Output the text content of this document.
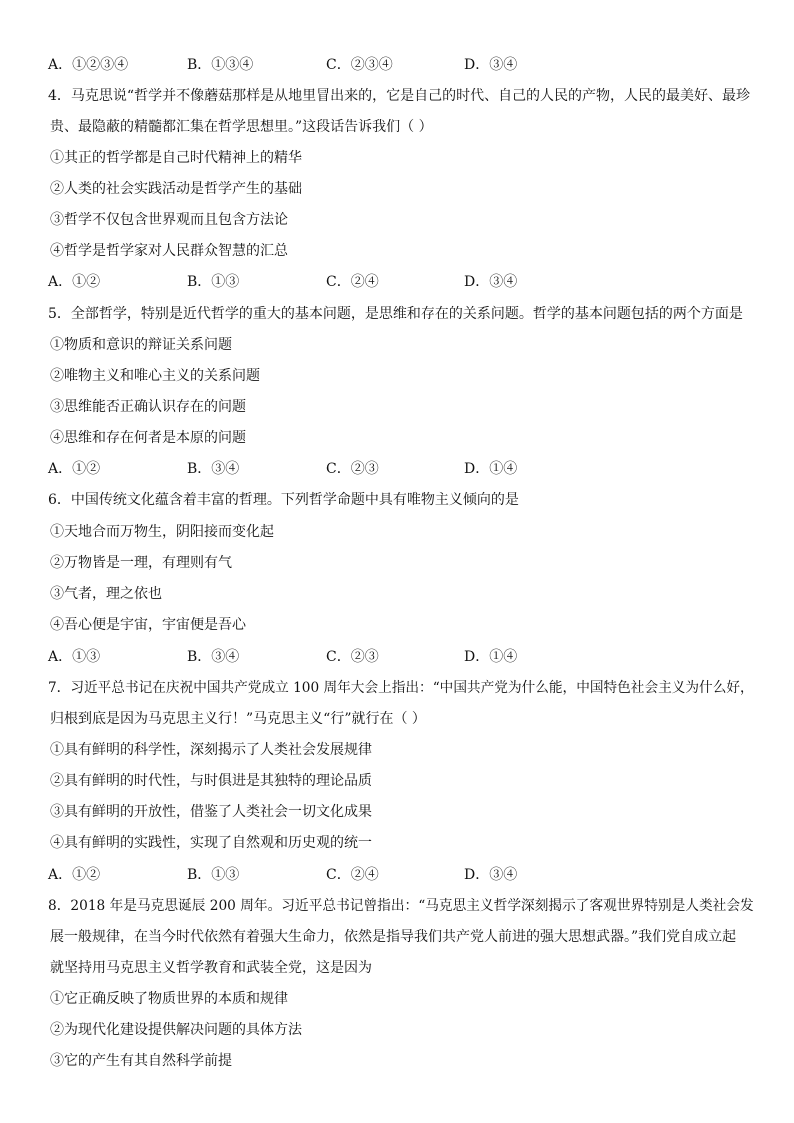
A．①②③④	B．①③④	C．②③④	D．③④
4．马克思说“哲学并不像蘑菇那样是从地里冒出来的，它是自己的时代、自己的人民的产物，人民的最美好、最珍
贵、最隐蔽的精髓都汇集在哲学思想里。”这段话告诉我们（ ）
①其正的哲学都是自己时代精神上的精华
②人类的社会实践活动是哲学产生的基础
③哲学不仅包含世界观而且包含方法论
④哲学是哲学家对人民群众智慧的汇总
A．①②	B．①③	C．②④	D．③④
5．全部哲学，特别是近代哲学的重大的基本问题，是思维和存在的关系问题。哲学的基本问题包括的两个方面是
①物质和意识的辩证关系问题
②唯物主义和唯心主义的关系问题
③思维能否正确认识存在的问题
④思维和存在何者是本原的问题
A．①②	B．③④	C．②③	D．①④
6．中国传统文化蕴含着丰富的哲理。下列哲学命题中具有唯物主义倾向的是
①天地合而万物生，阴阳接而变化起
②万物皆是一理，有理则有气
③气者，理之依也
④吾心便是宇宙，宇宙便是吾心
A．①③	B．③④	C．②③	D．①④
7．习近平总书记在庆祝中国共产党成立 100 周年大会上指出：“中国共产党为什么能，中国特色社会主义为什么好，
归根到底是因为马克思主义行！”马克思主义“行”就行在（ ）
①具有鲜明的科学性，深刻揭示了人类社会发展规律
②具有鲜明的时代性，与时俱进是其独特的理论品质
③具有鲜明的开放性，借鉴了人类社会一切文化成果
④具有鲜明的实践性，实现了自然观和历史观的统一
A．①②	B．①③	C．②④	D．③④
8．2018 年是马克思诞辰 200 周年。习近平总书记曾指出：“马克思主义哲学深刻揭示了客观世界特别是人类社会发
展一般规律，在当今时代依然有着强大生命力，依然是指导我们共产党人前进的强大思想武器。”我们党自成立起
就坚持用马克思主义哲学教育和武装全党，这是因为
①它正确反映了物质世界的本质和规律
②为现代化建设提供解决问题的具体方法
③它的产生有其自然科学前提
